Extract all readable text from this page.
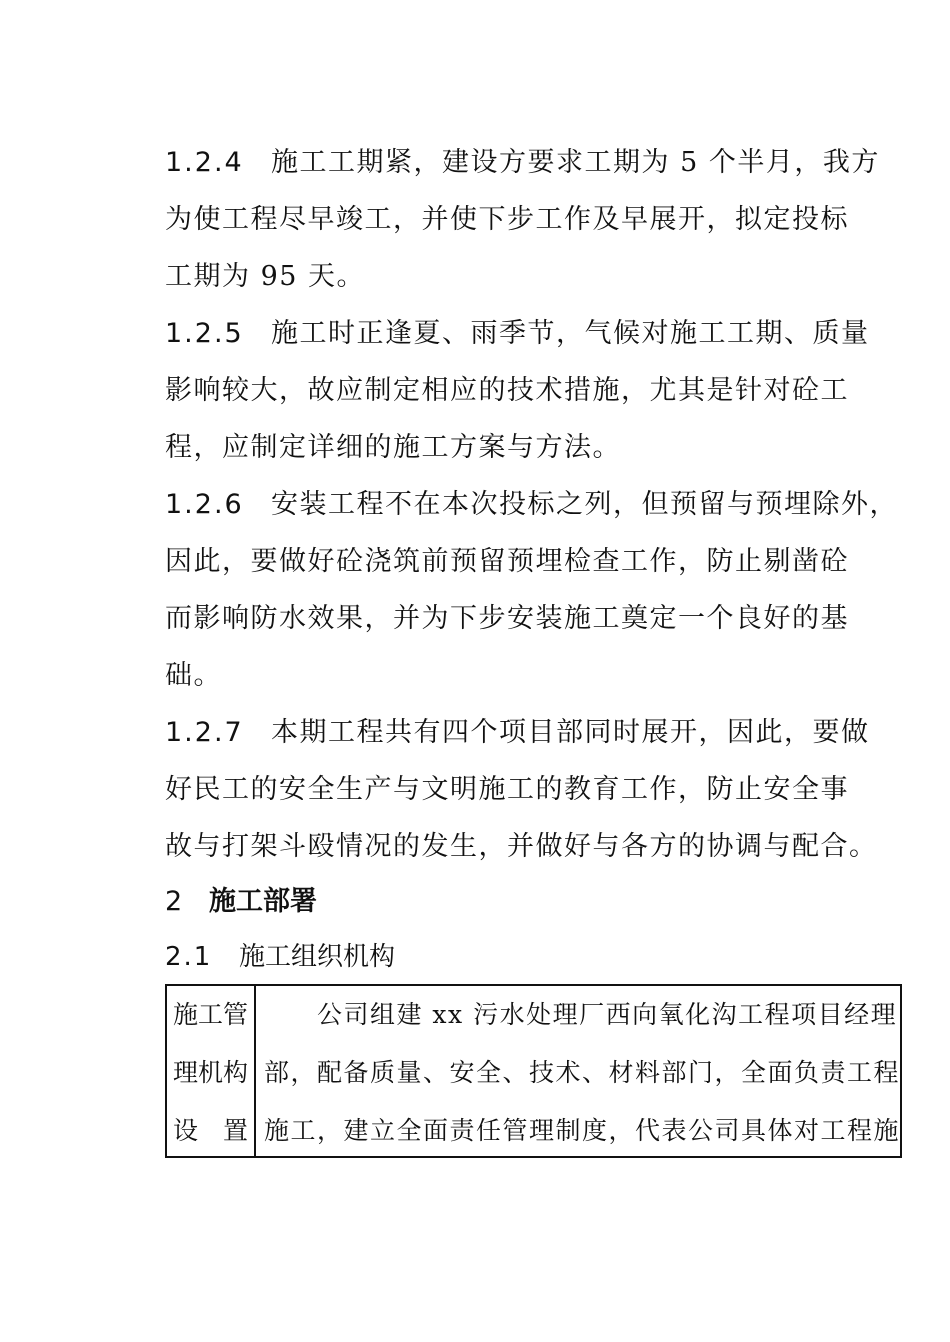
1.2.4 施工工期紧，建设方要求工期为 5 个半月，我方
为使工程尽早竣工，并使下步工作及早展开，拟定投标
工期为 95 天。
1.2.5 施工时正逢夏、雨季节，气候对施工工期、质量
影响较大，故应制定相应的技术措施，尤其是针对砼工
程，应制定详细的施工方案与方法。
1.2.6 安装工程不在本次投标之列，但预留与预埋除外，
因此，要做好砼浇筑前预留预埋检查工作，防止剔凿砼
而影响防水效果，并为下步安装施工奠定一个良好的基
础。
1.2.7 本期工程共有四个项目部同时展开，因此，要做
好民工的安全生产与文明施工的教育工作，防止安全事
故与打架斗殴情况的发生，并做好与各方的协调与配合。
2 施工部署
2.1 施工组织机构
施工管
理机构
设　置
　　公司组建 xx 污水处理厂西向氧化沟工程项目经理
部，配备质量、安全、技术、材料部门，全面负责工程
施工，建立全面责任管理制度，代表公司具体对工程施
